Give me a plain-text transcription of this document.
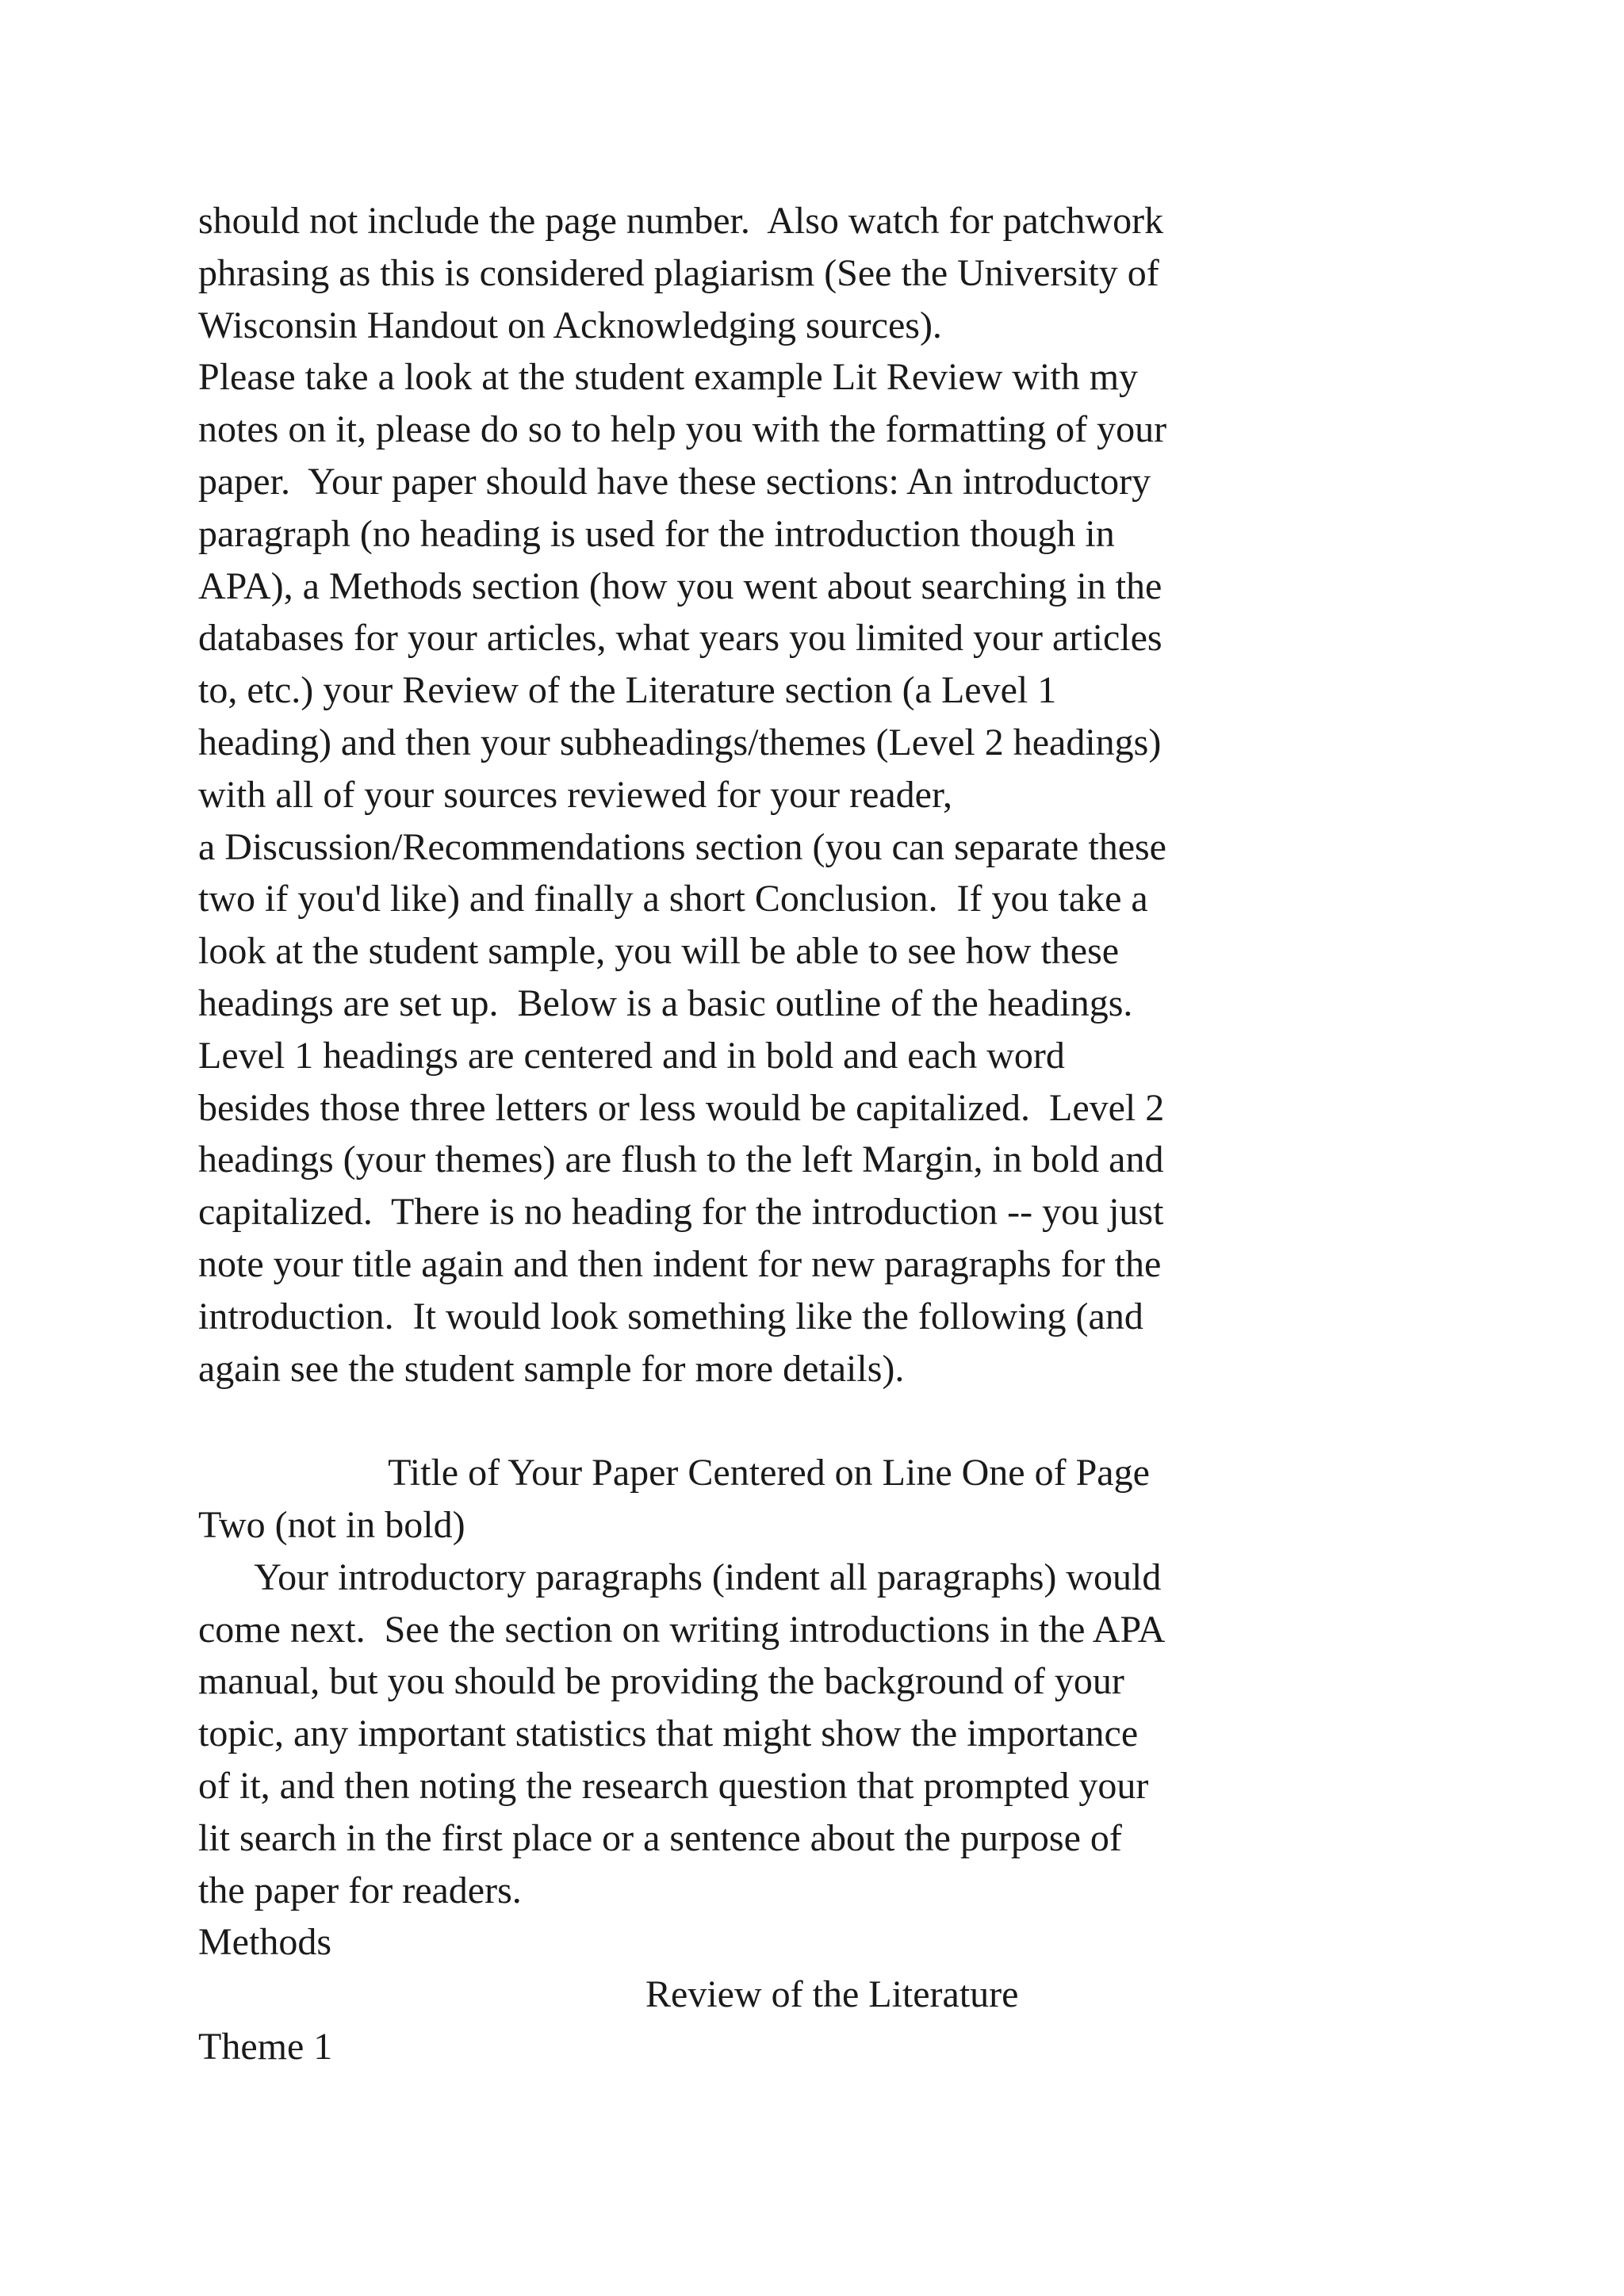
should not include the page number.  Also watch for patchwork
phrasing as this is considered plagiarism (See the University of
Wisconsin Handout on Acknowledging sources).
Please take a look at the student example Lit Review with my
notes on it, please do so to help you with the formatting of your
paper.  Your paper should have these sections: An introductory
paragraph (no heading is used for the introduction though in
APA), a Methods section (how you went about searching in the
databases for your articles, what years you limited your articles
to, etc.) your Review of the Literature section (a Level 1
heading) and then your subheadings/themes (Level 2 headings)
with all of your sources reviewed for your reader,
a Discussion/Recommendations section (you can separate these
two if you'd like) and finally a short Conclusion.  If you take a
look at the student sample, you will be able to see how these
headings are set up.  Below is a basic outline of the headings.
Level 1 headings are centered and in bold and each word
besides those three letters or less would be capitalized.  Level 2
headings (your themes) are flush to the left Margin, in bold and
capitalized.  There is no heading for the introduction -- you just
note your title again and then indent for new paragraphs for the
introduction.  It would look something like the following (and
again see the student sample for more details).
Title of Your Paper Centered on Line One of Page
Two (not in bold)
Your introductory paragraphs (indent all paragraphs) would
come next.  See the section on writing introductions in the APA
manual, but you should be providing the background of your
topic, any important statistics that might show the importance
of it, and then noting the research question that prompted your
lit search in the first place or a sentence about the purpose of
the paper for readers.
Methods
Review of the Literature
Theme 1
